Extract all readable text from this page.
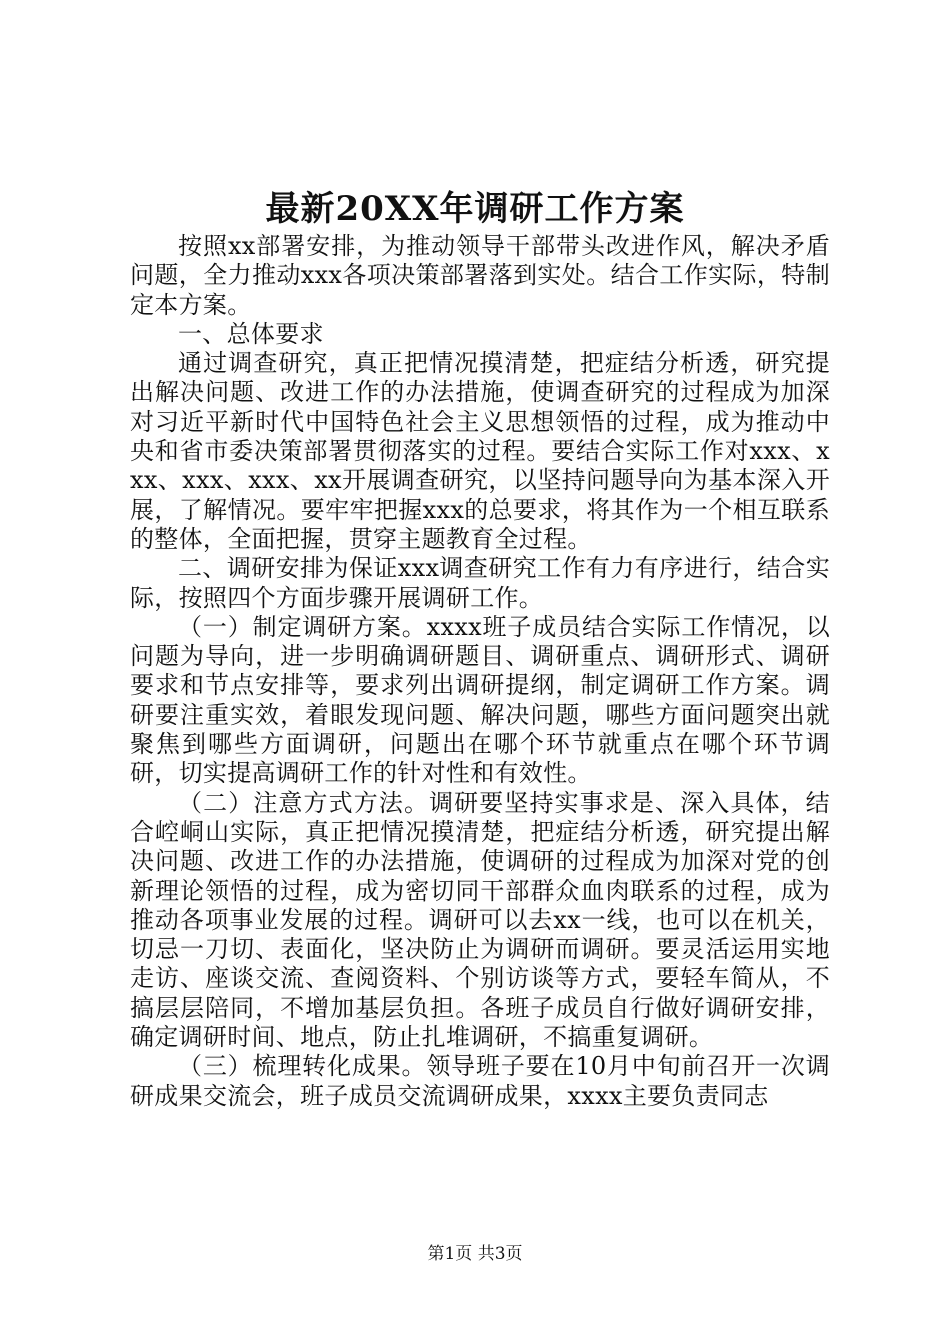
最新20XX年调研工作方案

按照xx部署安排，为推动领导干部带头改进作风，解决矛盾问题，全力推动xxx各项决策部署落到实处。结合工作实际，特制定本方案。

一、总体要求

通过调查研究，真正把情况摸清楚，把症结分析透，研究提出解决问题、改进工作的办法措施，使调查研究的过程成为加深对习近平新时代中国特色社会主义思想领悟的过程，成为推动中央和省市委决策部署贯彻落实的过程。要结合实际工作对xxx、xxx、xxx、xxx、xx开展调查研究，以坚持问题导向为基本深入开展，了解情况。要牢牢把握xxx的总要求，将其作为一个相互联系的整体，全面把握，贯穿主题教育全过程。

二、调研安排为保证xxx调查研究工作有力有序进行，结合实际，按照四个方面步骤开展调研工作。

（一）制定调研方案。xxxx班子成员结合实际工作情况，以问题为导向，进一步明确调研题目、调研重点、调研形式、调研要求和节点安排等，要求列出调研提纲，制定调研工作方案。调研要注重实效，着眼发现问题、解决问题，哪些方面问题突出就聚焦到哪些方面调研，问题出在哪个环节就重点在哪个环节调研，切实提高调研工作的针对性和有效性。

（二）注意方式方法。调研要坚持实事求是、深入具体，结合崆峒山实际，真正把情况摸清楚，把症结分析透，研究提出解决问题、改进工作的办法措施，使调研的过程成为加深对党的创新理论领悟的过程，成为密切同干部群众血肉联系的过程，成为推动各项事业发展的过程。调研可以去xx一线，也可以在机关，切忌一刀切、表面化，坚决防止为调研而调研。要灵活运用实地走访、座谈交流、查阅资料、个别访谈等方式，要轻车简从，不搞层层陪同，不增加基层负担。各班子成员自行做好调研安排，确定调研时间、地点，防止扎堆调研，不搞重复调研。

（三）梳理转化成果。领导班子要在10月中旬前召开一次调研成果交流会，班子成员交流调研成果，xxxx主要负责同志

第1页 共3页
